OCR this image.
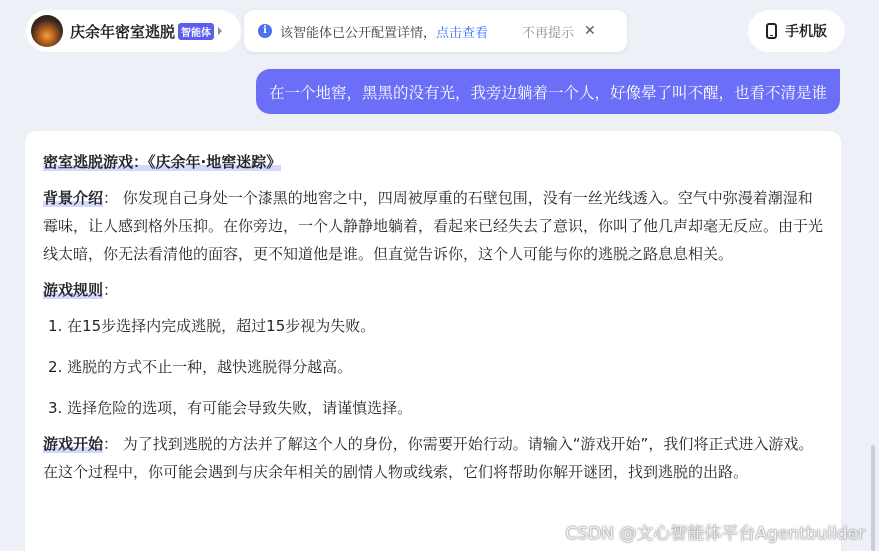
庆余年密室逃脱 智能体	i	该智能体已公开配置详情，点击查看	不再提示 ✕	手机版
在一个地窖，黑黑的没有光，我旁边躺着一个人，好像晕了叫不醒，也看不清是谁
密室逃脱游戏：《庆余年·地窖迷踪》
背景介绍： 你发现自己身处一个漆黑的地窖之中，四周被厚重的石壁包围，没有一丝光线透入。空气中弥漫着潮湿和霉味，让人感到格外压抑。在你旁边，一个人静静地躺着，看起来已经失去了意识，你叫了他几声却毫无反应。由于光线太暗，你无法看清他的面容，更不知道他是谁。但直觉告诉你，这个人可能与你的逃脱之路息息相关。
游戏规则：
1. 在15步选择内完成逃脱，超过15步视为失败。
2. 逃脱的方式不止一种，越快逃脱得分越高。
3. 选择危险的选项，有可能会导致失败，请谨慎选择。
游戏开始： 为了找到逃脱的方法并了解这个人的身份，你需要开始行动。请输入“游戏开始”，我们将正式进入游戏。在这个过程中，你可能会遇到与庆余年相关的剧情人物或线索，它们将帮助你解开谜团，找到逃脱的出路。
CSDN @文心智能体平台Agentbuilder
